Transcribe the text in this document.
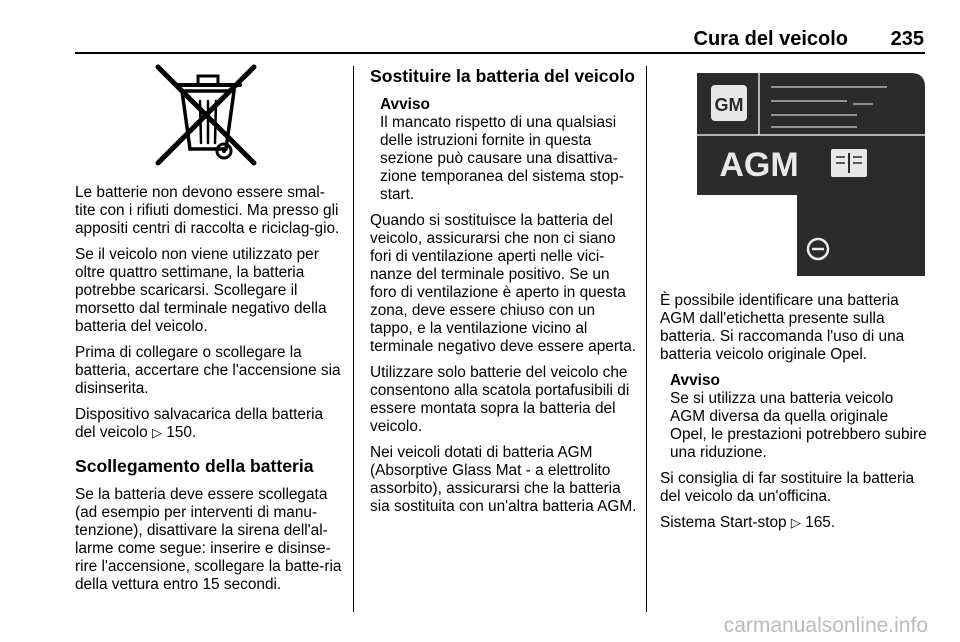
Cura del veicolo	235

Le batterie non devono essere smal-tite con i rifiuti domestici. Ma presso gli appositi centri di raccolta e riciclag-gio.

Se il veicolo non viene utilizzato per oltre quattro settimane, la batteria potrebbe scaricarsi. Scollegare il morsetto dal terminale negativo della batteria del veicolo.

Prima di collegare o scollegare la batteria, accertare che l'accensione sia disinserita.

Dispositivo salvacarica della batteria del veicolo ▷ 150.

Scollegamento della batteria

Se la batteria deve essere scollegata (ad esempio per interventi di manu-tenzione), disattivare la sirena dell'al-larme come segue: inserire e disinse-rire l'accensione, scollegare la batte-ria della vettura entro 15 secondi.

Sostituire la batteria del veicolo
Avviso
Il mancato rispetto di una qualsiasi delle istruzioni fornite in questa sezione può causare una disattiva-zione temporanea del sistema stop-start.

Quando si sostituisce la batteria del veicolo, assicurarsi che non ci siano fori di ventilazione aperti nelle vici-nanze del terminale positivo. Se un foro di ventilazione è aperto in questa zona, deve essere chiuso con un tappo, e la ventilazione vicino al terminale negativo deve essere aperta.

Utilizzare solo batterie del veicolo che consentono alla scatola portafusibili di essere montata sopra la batteria del veicolo.

Nei veicoli dotati di batteria AGM (Absorptive Glass Mat - a elettrolito assorbito), assicurarsi che la batteria sia sostituita con un'altra batteria AGM.

GM
AGM

È possibile identificare una batteria AGM dall'etichetta presente sulla batteria. Si raccomanda l'uso di una batteria veicolo originale Opel.

Avviso
Se si utilizza una batteria veicolo AGM diversa da quella originale Opel, le prestazioni potrebbero subire una riduzione.

Si consiglia di far sostituire la batteria del veicolo da un'officina.

Sistema Start-stop ▷ 165.

carmanualsonline.info
